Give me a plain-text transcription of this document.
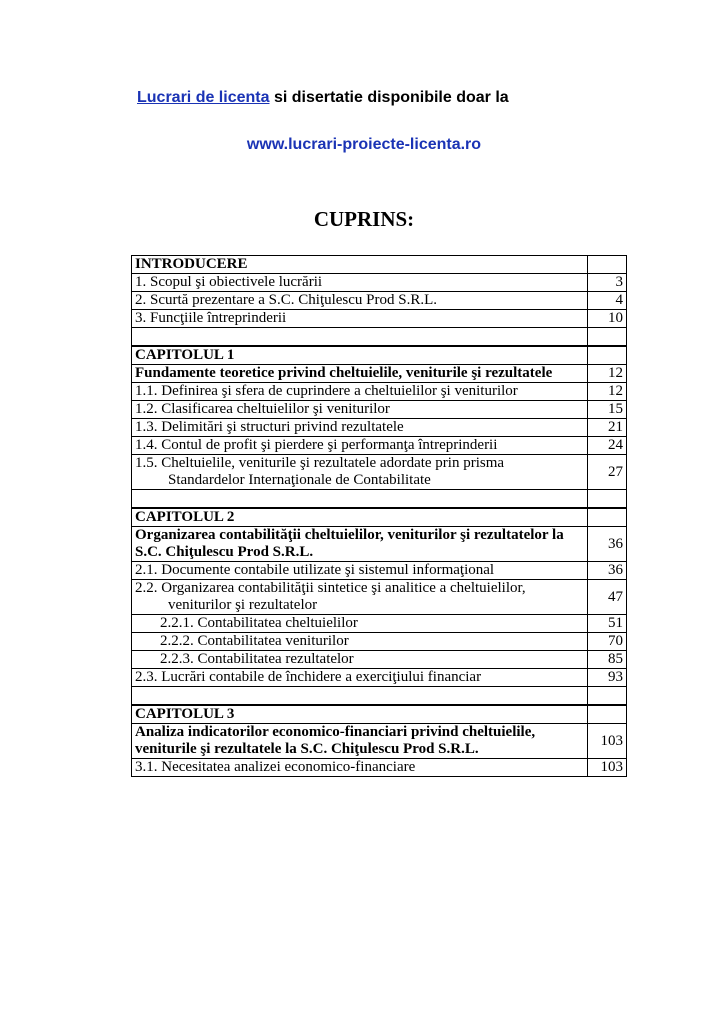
Lucrari de licenta si disertatie disponibile doar la
www.lucrari-proiecte-licenta.ro
CUPRINS:
INTRODUCERE	
1. Scopul şi obiectivele lucrării	3
2. Scurtă prezentare a S.C. Chiţulescu Prod S.R.L.	4
3. Funcţiile întreprinderii	10

CAPITOLUL 1	
Fundamente teoretice privind cheltuielile, veniturile şi rezultatele	12
1.1. Definirea şi sfera de cuprindere a cheltuielilor şi veniturilor	12
1.2. Clasificarea cheltuielilor şi veniturilor	15
1.3. Delimitări şi structuri privind rezultatele	21
1.4. Contul de profit şi pierdere şi performanţa întreprinderii	24
1.5. Cheltuielile, veniturile şi rezultatele adordate prin prisma
Standardelor Internaţionale de Contabilitate	27

CAPITOLUL 2	
Organizarea contabilităţii cheltuielilor, veniturilor şi rezultatelor la S.C. Chiţulescu Prod S.R.L.	36
2.1. Documente contabile utilizate şi sistemul informaţional	36
2.2. Organizarea contabilităţii sintetice şi analitice a cheltuielilor,
veniturilor şi rezultatelor	47
2.2.1. Contabilitatea cheltuielilor	51
2.2.2. Contabilitatea veniturilor	70
2.2.3. Contabilitatea rezultatelor	85
2.3. Lucrări contabile de închidere a exerciţiului financiar	93

CAPITOLUL 3	
Analiza indicatorilor economico-financiari privind cheltuielile, veniturile şi rezultatele la S.C. Chiţulescu Prod S.R.L.	103
3.1. Necesitatea analizei economico-financiare	103
